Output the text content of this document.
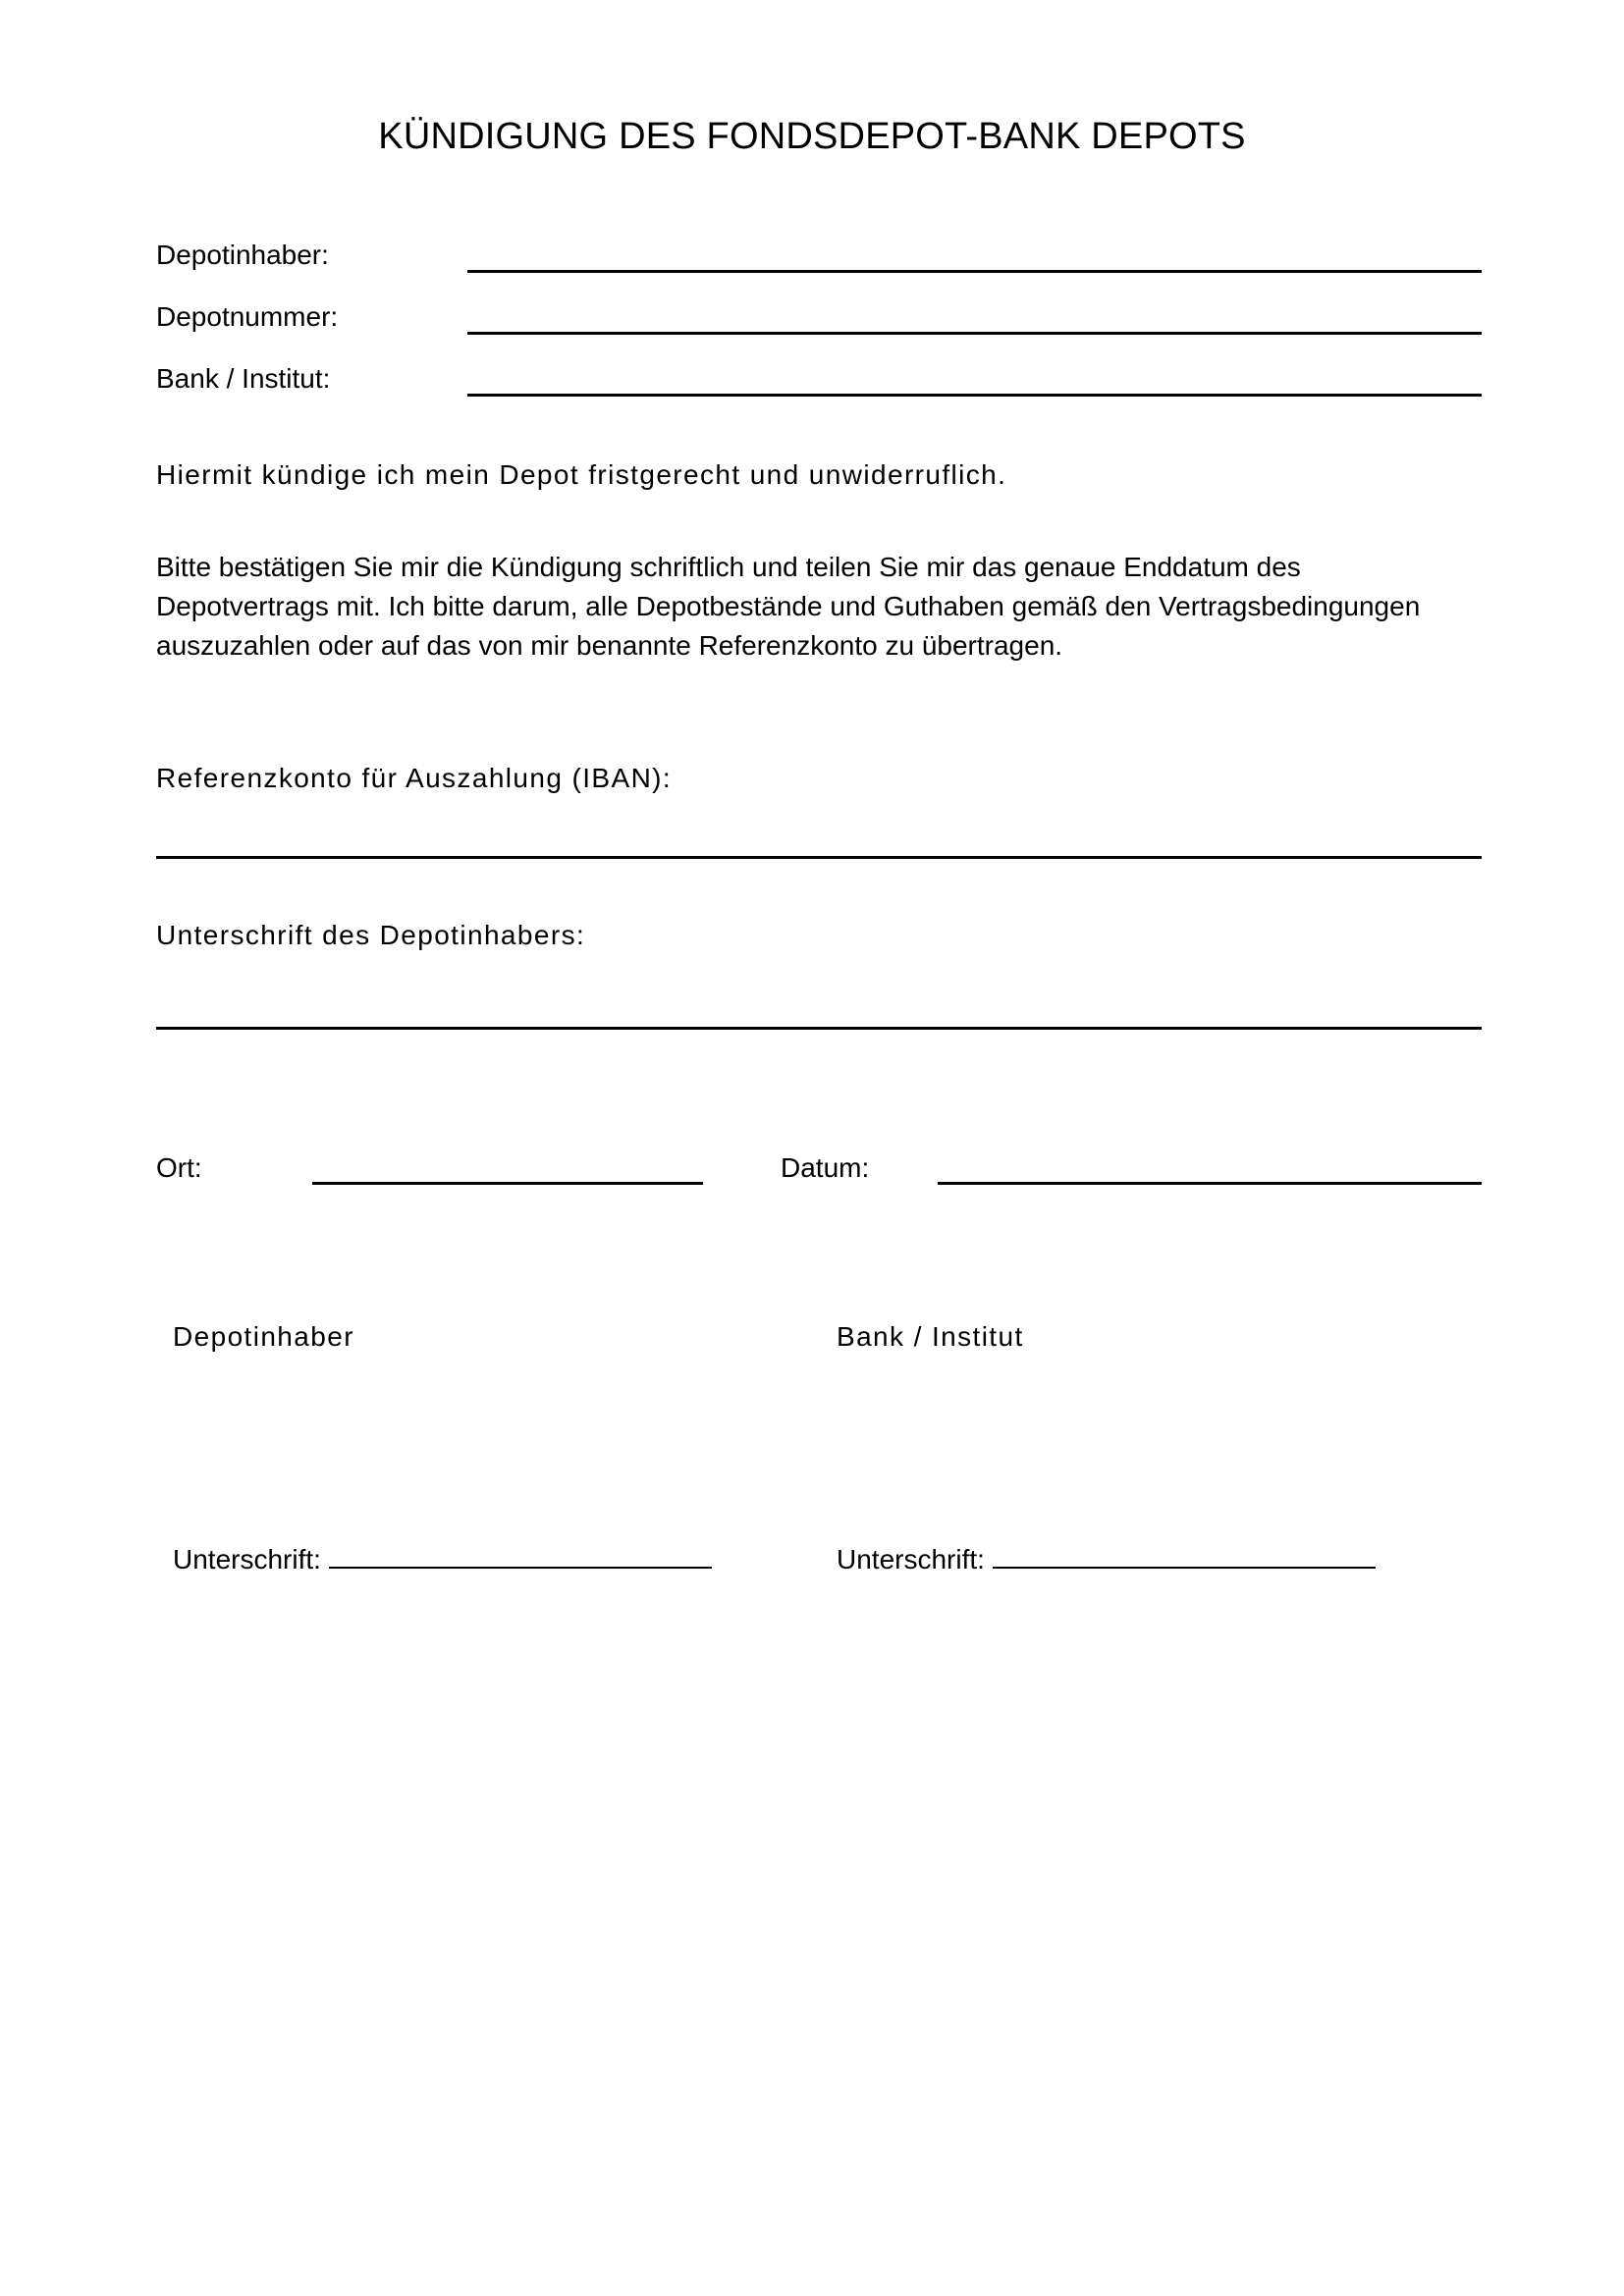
KÜNDIGUNG DES FONDSDEPOT-BANK DEPOTS
Depotinhaber:
Depotnummer:
Bank / Institut:
Hiermit kündige ich mein Depot fristgerecht und unwiderruflich.
Bitte bestätigen Sie mir die Kündigung schriftlich und teilen Sie mir das genaue Enddatum des
Depotvertrags mit. Ich bitte darum, alle Depotbestände und Guthaben gemäß den Vertragsbedingungen
auszuzahlen oder auf das von mir benannte Referenzkonto zu übertragen.
Referenzkonto für Auszahlung (IBAN):
Unterschrift des Depotinhabers:
Ort:	Datum:
Depotinhaber	Bank / Institut
Unterschrift:	Unterschrift:
